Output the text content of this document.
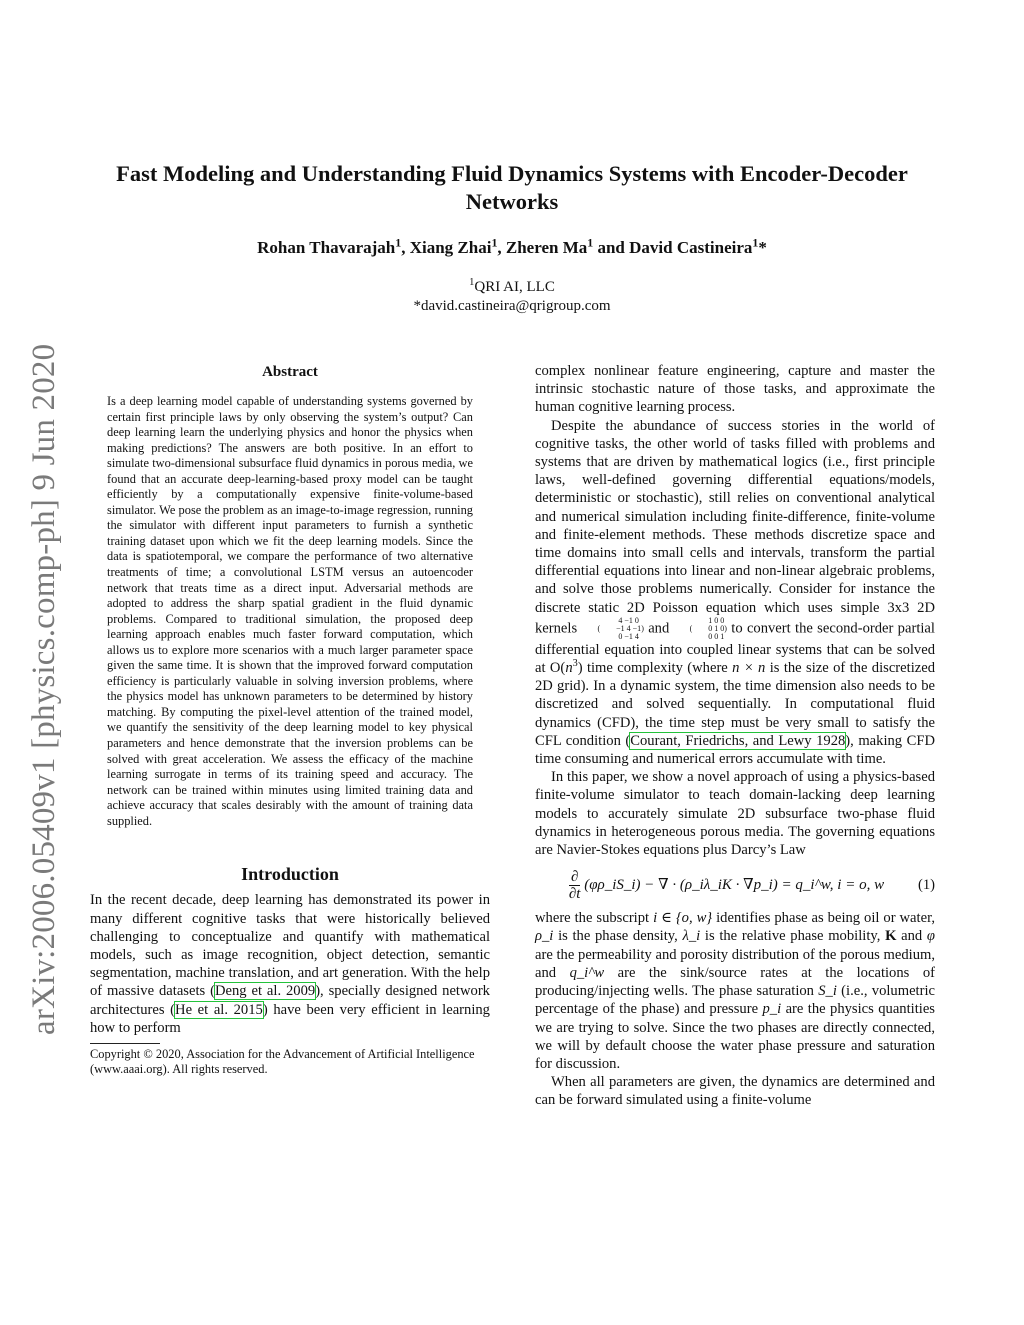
arXiv:2006.05409v1 [physics.comp-ph] 9 Jun 2020
Fast Modeling and Understanding Fluid Dynamics Systems with Encoder-Decoder
Networks
Rohan Thavarajah$^1$, Xiang Zhai$^1$, Zheren Ma$^1$ and David Castineira$^1$*
$^1$QRI AI, LLC
*david.castineira@qrigroup.com
Abstract

Is a deep learning model capable of understanding systems governed by certain first principle laws by only observing the system’s output? Can deep learning learn the underlying physics and honor the physics when making predictions? The answers are both positive. In an effort to simulate two-dimensional subsurface fluid dynamics in porous media, we found that an accurate deep-learning-based proxy model can be taught efficiently by a computationally expensive finite-volume-based simulator. We pose the problem as an image-to-image regression, running the simulator with different input parameters to furnish a synthetic training dataset upon which we fit the deep learning models. Since the data is spatiotemporal, we compare the performance of two alternative treatments of time; a convolutional LSTM versus an autoencoder network that treats time as a direct input. Adversarial methods are adopted to address the sharp spatial gradient in the fluid dynamic problems. Compared to traditional simulation, the proposed deep learning approach enables much faster forward computation, which allows us to explore more scenarios with a much larger parameter space given the same time. It is shown that the improved forward computation efficiency is particularly valuable in solving inversion problems, where the physics model has unknown parameters to be determined by history matching. By computing the pixel-level attention of the trained model, we quantify the sensitivity of the deep learning model to key physical parameters and hence demonstrate that the inversion problems can be solved with great acceleration. We assess the efficacy of the machine learning surrogate in terms of its training speed and accuracy. The network can be trained within minutes using limited training data and achieve accuracy that scales desirably with the amount of training data supplied.

Introduction

In the recent decade, deep learning has demonstrated its power in many different cognitive tasks that were historically believed challenging to conceptualize and quantify with mathematical models, such as image recognition, object detection, semantic segmentation, machine translation, and art generation. With the help of massive datasets (Deng et al. 2009), specially designed network architectures (He et al. 2015) have been very efficient in learning how to perform

Copyright © 2020, Association for the Advancement of Artificial Intelligence (www.aaai.org). All rights reserved.

complex nonlinear feature engineering, capture and master the intrinsic stochastic nature of those tasks, and approximate the human cognitive learning process.

Despite the abundance of success stories in the world of cognitive tasks, the other world of tasks filled with problems and systems that are driven by mathematical logics (i.e., first principle laws, well-defined governing differential equations/models, deterministic or stochastic), still relies on conventional analytical and numerical simulation including finite-difference, finite-volume and finite-element methods. These methods discretize space and time domains into small cells and intervals, transform the partial differential equations into linear and non-linear algebraic problems, and solve those problems numerically. Consider for instance the discrete static 2D Poisson equation which uses simple 3x3 2D kernels	(
4 −1 0
−1 4 −1
0 −1 4
) and	(
1 0 0
0 1 0
0 0 1
) to convert the second-order partial differential equation into coupled linear systems that can be solved at $O(n^3)$ time complexity (where n × n is the size of the discretized 2D grid). In a dynamic system, the time dimension also needs to be discretized and solved sequentially. In computational fluid dynamics (CFD), the time step must be very small to satisfy the CFL condition (Courant, Friedrichs, and Lewy 1928), making CFD time consuming and numerical errors accumulate with time.

In this paper, we show a novel approach of using a physics-based finite-volume simulator to teach domain-lacking deep learning models to accurately simulate 2D subsurface two-phase fluid dynamics in heterogeneous porous media. The governing equations are Navier-Stokes equations plus Darcy’s Law

$\frac{\partial}{\partial t}$ (φρ_iS_i) − ∇ · (ρ_iλ_iK · ∇p_i) = q_i^w, i = o, w	(1)

where the subscript i ∈ {o, w} identifies phase as being oil or water, ρ_i is the phase density, λ_i is the relative phase mobility, K and φ are the permeability and porosity distribution of the porous medium, and q_i^w are the sink/source rates at the locations of producing/injecting wells. The phase saturation S_i (i.e., volumetric percentage of the phase) and pressure p_i are the physics quantities we are trying to solve. Since the two phases are directly connected, we will by default choose the water phase pressure and saturation for discussion.

When all parameters are given, the dynamics are determined and can be forward simulated using a finite-volume
